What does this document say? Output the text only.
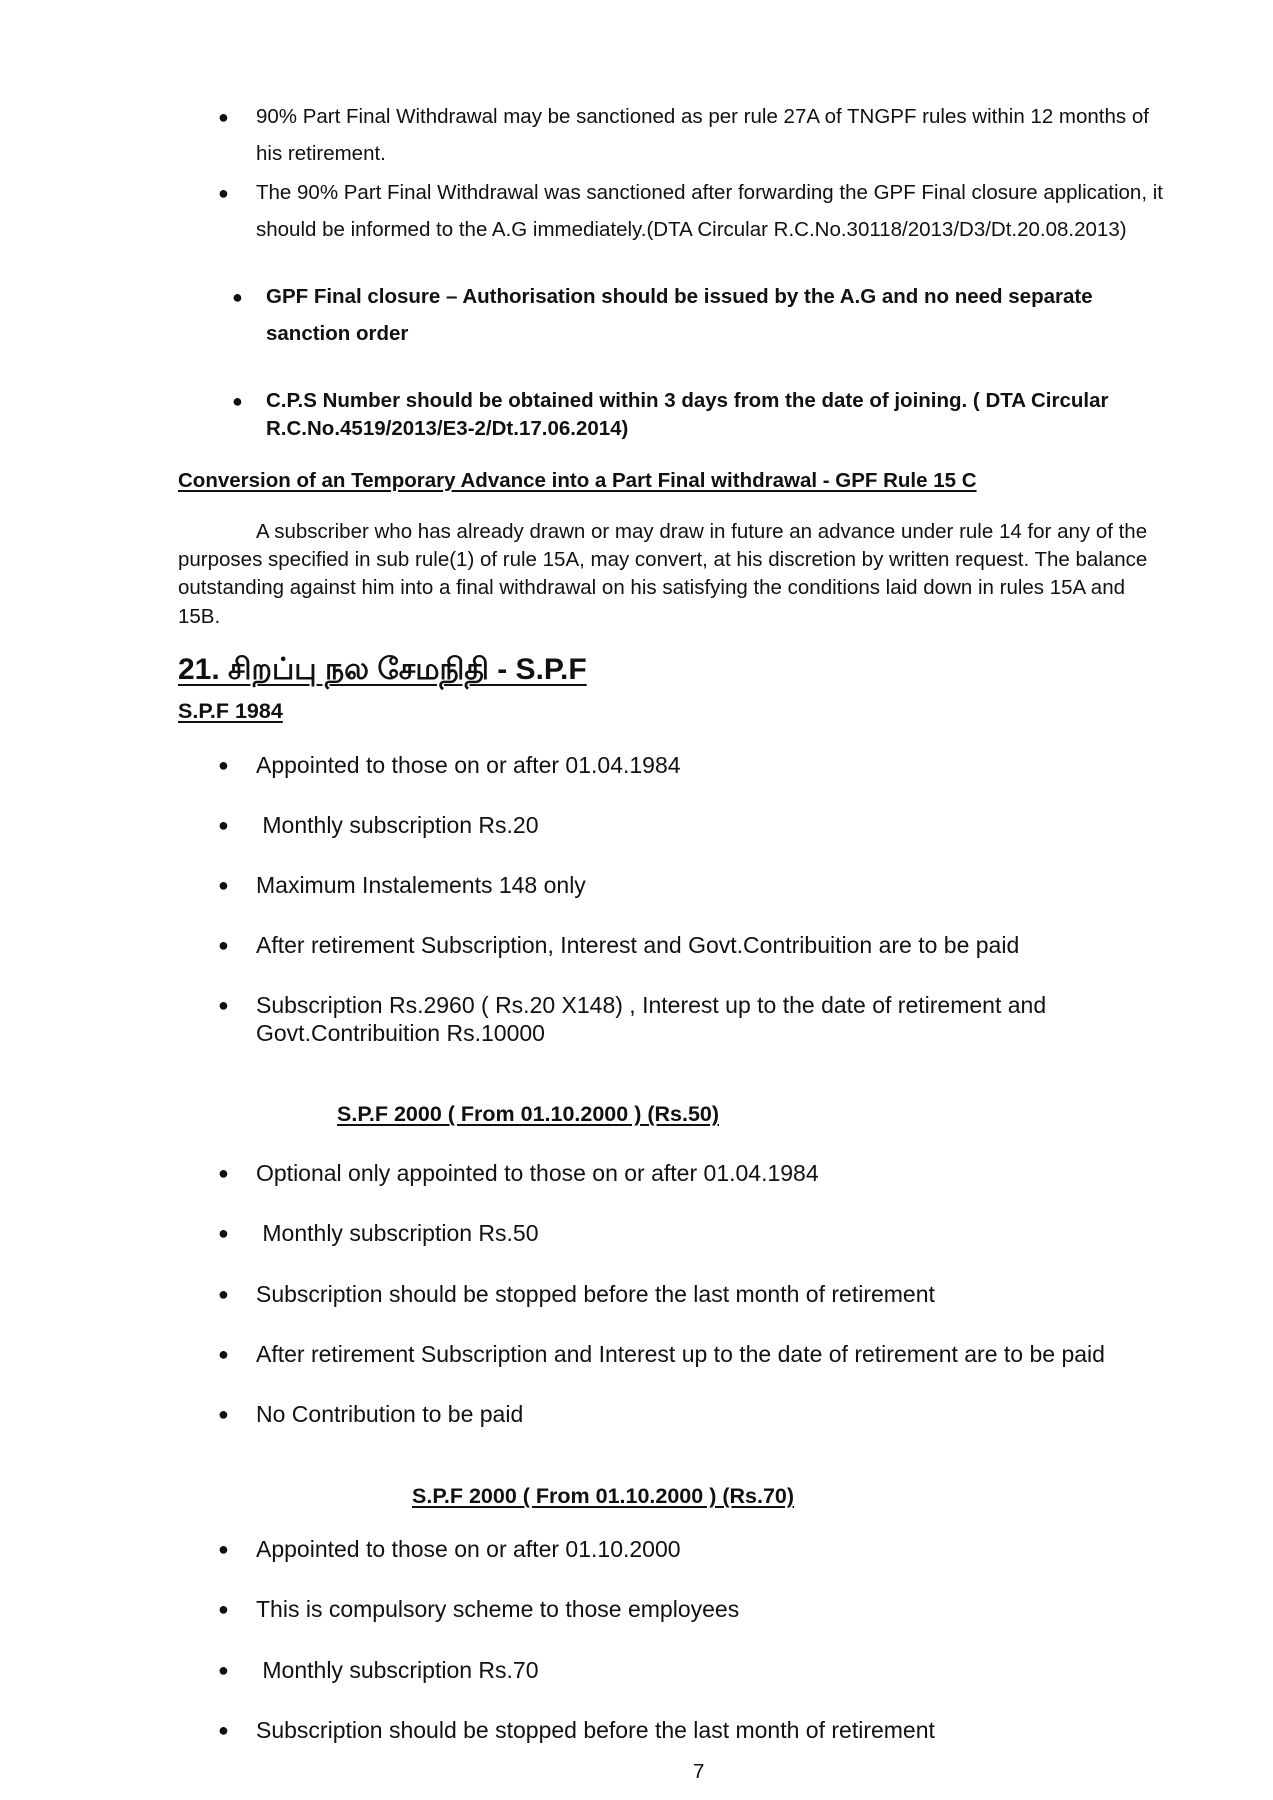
● 90% Part Final Withdrawal may be sanctioned as per rule 27A of TNGPF rules within 12 months of
his retirement.
● The 90% Part Final Withdrawal was sanctioned after forwarding the GPF Final closure application, it
should be informed to the A.G immediately.(DTA Circular R.C.No.30118/2013/D3/Dt.20.08.2013)
● GPF Final closure – Authorisation should be issued by the A.G and no need separate
sanction order
● C.P.S Number should be obtained within 3 days from the date of joining. ( DTA Circular
R.C.No.4519/2013/E3-2/Dt.17.06.2014)
Conversion of an Temporary Advance into a Part Final withdrawal - GPF Rule 15 C
A subscriber who has already drawn or may draw in future an advance under rule 14 for any of the
purposes specified in sub rule(1) of rule 15A, may convert, at his discretion by written request. The balance
outstanding against him into a final withdrawal on his satisfying the conditions laid down in rules 15A and
15B.
21. சிறப்பு நல சேமநிதி - S.P.F
S.P.F 1984
● Appointed to those on or after 01.04.1984
● Monthly subscription Rs.20
● Maximum Instalements 148 only
● After retirement Subscription, Interest and Govt.Contribuition are to be paid
● Subscription Rs.2960 ( Rs.20 X148) , Interest up to the date of retirement and
Govt.Contribuition Rs.10000
S.P.F 2000 ( From 01.10.2000 ) (Rs.50)
● Optional only appointed to those on or after 01.04.1984
● Monthly subscription Rs.50
● Subscription should be stopped before the last month of retirement
● After retirement Subscription and Interest up to the date of retirement are to be paid
● No Contribution to be paid
S.P.F 2000 ( From 01.10.2000 ) (Rs.70)
● Appointed to those on or after 01.10.2000
● This is compulsory scheme to those employees
● Monthly subscription Rs.70
● Subscription should be stopped before the last month of retirement
7
